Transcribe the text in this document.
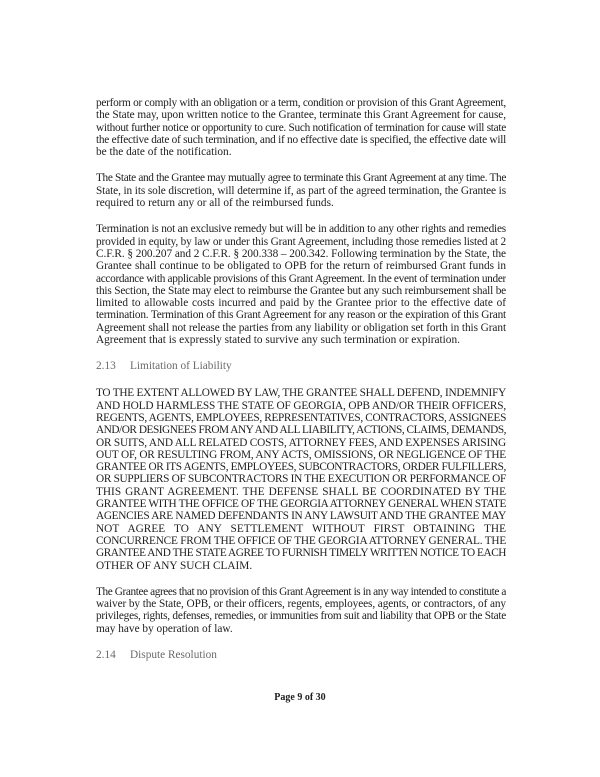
perform or comply with an obligation or a term, condition or provision of this Grant Agreement,
the State may, upon written notice to the Grantee, terminate this Grant Agreement for cause,
without further notice or opportunity to cure. Such notification of termination for cause will state
the effective date of such termination, and if no effective date is specified, the effective date will
be the date of the notification.
The State and the Grantee may mutually agree to terminate this Grant Agreement at any time. The
State, in its sole discretion, will determine if, as part of the agreed termination, the Grantee is
required to return any or all of the reimbursed funds.
Termination is not an exclusive remedy but will be in addition to any other rights and remedies
provided in equity, by law or under this Grant Agreement, including those remedies listed at 2
C.F.R. § 200.207 and 2 C.F.R. § 200.338 – 200.342. Following termination by the State, the
Grantee shall continue to be obligated to OPB for the return of reimbursed Grant funds in
accordance with applicable provisions of this Grant Agreement. In the event of termination under
this Section, the State may elect to reimburse the Grantee but any such reimbursement shall be
limited to allowable costs incurred and paid by the Grantee prior to the effective date of
termination. Termination of this Grant Agreement for any reason or the expiration of this Grant
Agreement shall not release the parties from any liability or obligation set forth in this Grant
Agreement that is expressly stated to survive any such termination or expiration.
2.13 Limitation of Liability
TO THE EXTENT ALLOWED BY LAW, THE GRANTEE SHALL DEFEND, INDEMNIFY
AND HOLD HARMLESS THE STATE OF GEORGIA, OPB AND/OR THEIR OFFICERS,
REGENTS, AGENTS, EMPLOYEES, REPRESENTATIVES, CONTRACTORS, ASSIGNEES
AND/OR DESIGNEES FROM ANY AND ALL LIABILITY, ACTIONS, CLAIMS, DEMANDS,
OR SUITS, AND ALL RELATED COSTS, ATTORNEY FEES, AND EXPENSES ARISING
OUT OF, OR RESULTING FROM, ANY ACTS, OMISSIONS, OR NEGLIGENCE OF THE
GRANTEE OR ITS AGENTS, EMPLOYEES, SUBCONTRACTORS, ORDER FULFILLERS,
OR SUPPLIERS OF SUBCONTRACTORS IN THE EXECUTION OR PERFORMANCE OF
THIS GRANT AGREEMENT. THE DEFENSE SHALL BE COORDINATED BY THE
GRANTEE WITH THE OFFICE OF THE GEORGIA ATTORNEY GENERAL WHEN STATE
AGENCIES ARE NAMED DEFENDANTS IN ANY LAWSUIT AND THE GRANTEE MAY
NOT AGREE TO ANY SETTLEMENT WITHOUT FIRST OBTAINING THE
CONCURRENCE FROM THE OFFICE OF THE GEORGIA ATTORNEY GENERAL. THE
GRANTEE AND THE STATE AGREE TO FURNISH TIMELY WRITTEN NOTICE TO EACH
OTHER OF ANY SUCH CLAIM.
The Grantee agrees that no provision of this Grant Agreement is in any way intended to constitute a
waiver by the State, OPB, or their officers, regents, employees, agents, or contractors, of any
privileges, rights, defenses, remedies, or immunities from suit and liability that OPB or the State
may have by operation of law.
2.14 Dispute Resolution
Page 9 of 30
